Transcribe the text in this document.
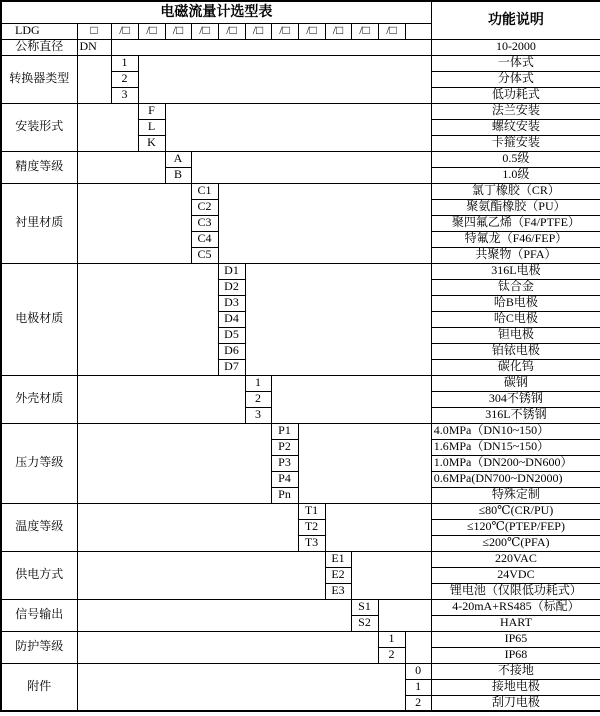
电磁流量计选型表														功能说明
LDG	□	/□	/□	/□	/□	/□	/□	/□	/□	/□	/□	/□		
公称直径	DN													10-2000
转换器类型		1												一体式
		2												分体式
		3												低功耗式
安装形式			F											法兰安装
			L											螺纹安装
			K											卡箍安装
精度等级				A										0.5级
				B										1.0级
衬里材质					C1									氯丁橡胶（CR）
					C2									聚氨酯橡胶（PU）
					C3									聚四氟乙烯（F4/PTFE）
					C4									特氟龙（F46/FEP）
					C5									共聚物（PFA）
电极材质						D1								316L电极
						D2								钛合金
						D3								哈B电极
						D4								哈C电极
						D5								钽电极
						D6								铂铱电极
						D7								碳化钨
外壳材质							1							碳钢
							2							304不锈钢
							3							316L不锈钢
压力等级								P1						4.0MPa（DN10~150）
								P2						1.6MPa（DN15~150）
								P3						1.0MPa（DN200~DN600）
								P4						0.6MPa(DN700~DN2000)
								Pn						特殊定制
温度等级									T1					≤80℃(CR/PU)
									T2					≤120℃(PTEP/FEP)
									T3					≤200℃(PFA)
供电方式										E1				220VAC
										E2				24VDC
										E3				锂电池（仅限低功耗式）
信号输出											S1			4-20mA+RS485（标配）
											S2			HART
防护等级												1		IP65
												2		IP68
附件													0	不接地
													1	接地电极
													2	刮刀电极
